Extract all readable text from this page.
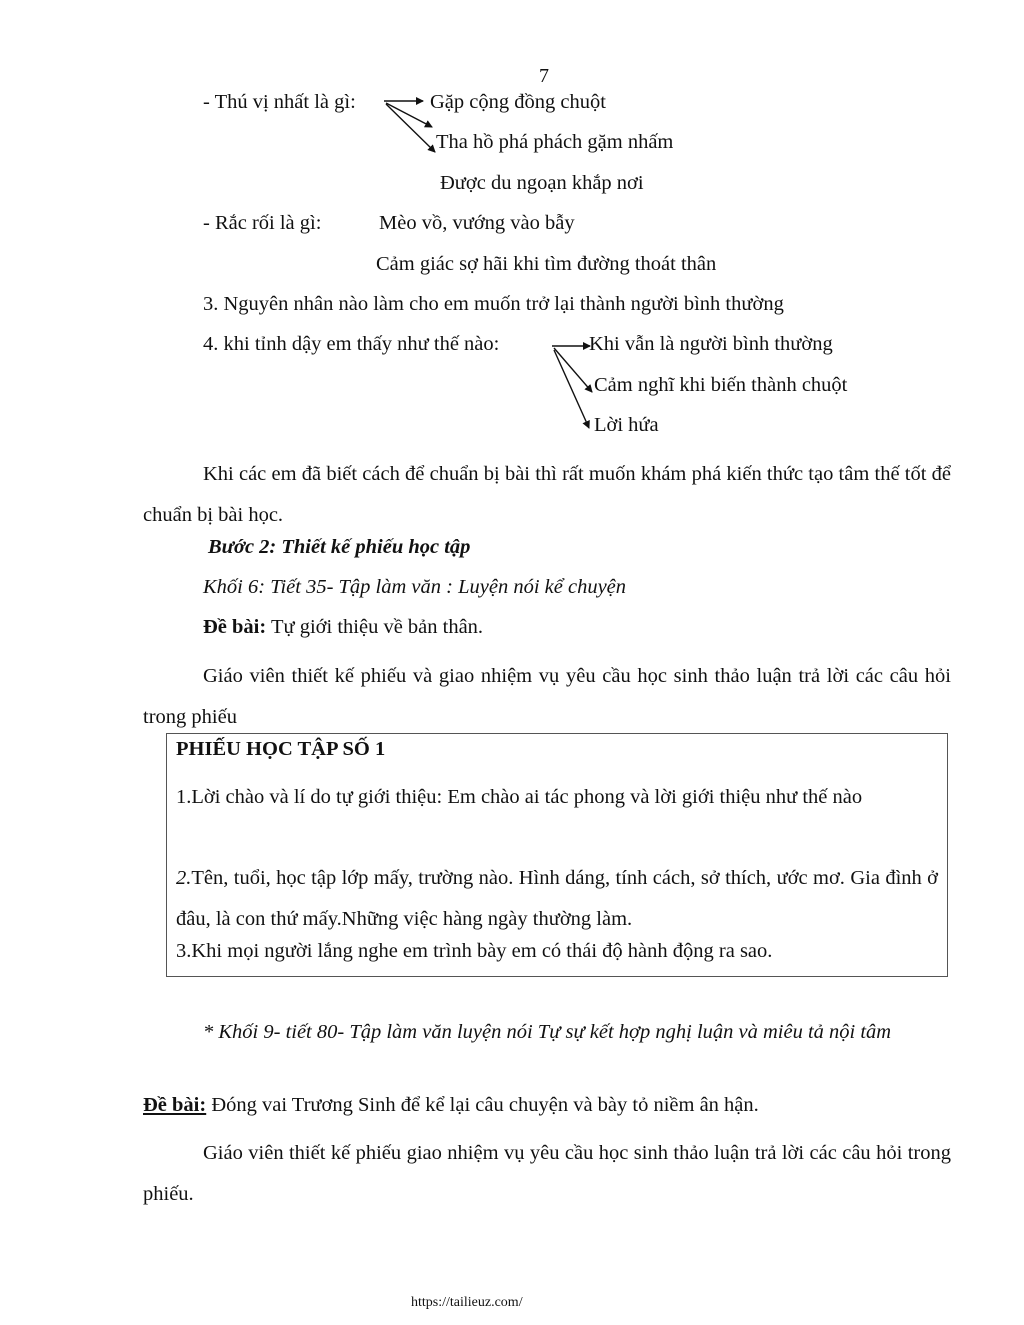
7
- Thú vị nhất là gì:	Gặp cộng đồng chuột
Tha hồ phá phách gặm nhấm
Được du ngoạn khắp nơi
- Rắc rối là gì:	Mèo vồ, vướng vào bẫy
Cảm giác sợ hãi khi tìm đường thoát thân
3. Nguyên nhân nào làm cho em muốn trở lại thành người bình thường
4. khi tỉnh dậy em thấy như thế nào:	Khi vẫn là người bình thường
Cảm nghĩ khi biến thành chuột
Lời hứa
Khi các em đã biết cách để chuẩn bị bài thì rất muốn khám phá kiến thức tạo tâm thế tốt để chuẩn bị bài học.
Bước 2: Thiết kế phiếu học tập
Khối 6: Tiết 35- Tập làm văn : Luyện nói kể chuyện
Đề bài: Tự giới thiệu về bản thân.
Giáo viên thiết kế phiếu và giao nhiệm vụ yêu cầu học sinh thảo luận trả lời các câu hỏi trong phiếu
PHIẾU HỌC TẬP SỐ 1
1.Lời chào và lí do tự giới thiệu: Em chào ai tác phong và lời giới thiệu như thế nào
2.Tên, tuổi, học tập lớp mấy, trường nào. Hình dáng, tính cách, sở thích, ước mơ. Gia đình ở đâu, là con thứ mấy.Những việc hàng ngày thường làm.
3.Khi mọi người lắng nghe em trình bày em có thái độ hành động ra sao.
* Khối 9- tiết 80- Tập làm văn luyện nói Tự sự kết hợp nghị luận và miêu tả nội tâm
Đề bài: Đóng vai Trương Sinh để kể lại câu chuyện và bày tỏ niềm ân hận.
Giáo viên thiết kế phiếu giao nhiệm vụ yêu cầu học sinh thảo luận trả lời các câu hỏi trong phiếu.
https://tailieuz.com/
